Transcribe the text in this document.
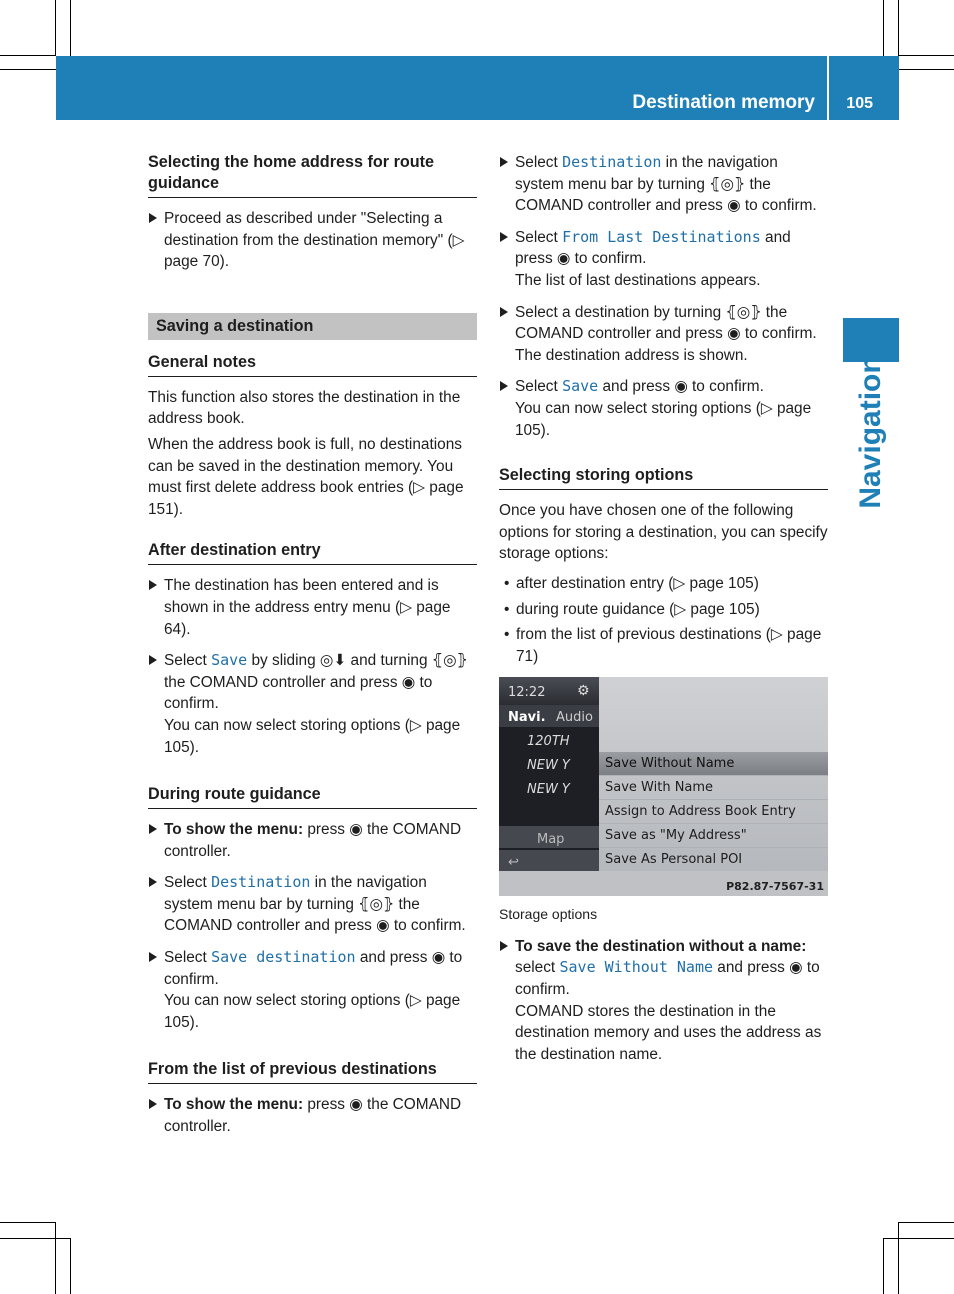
Destination memory 105
Navigation
Selecting the home address for route guidance
Proceed as described under "Selecting a destination from the destination memory" (▷ page 70).
Saving a destination
General notes

This function also stores the destination in the address book.

When the address book is full, no destinations can be saved in the destination memory. You must first delete address book entries (▷ page 151).

After destination entry
The destination has been entered and is shown in the address entry menu (▷ page 64).
Select Save by sliding ◎⬇ and turning ⦃◎⦄ the COMAND controller and press ◉ to confirm.
You can now select storing options (▷ page 105).
During route guidance
To show the menu: press ◉ the COMAND controller.
Select Destination in the navigation system menu bar by turning ⦃◎⦄ the COMAND controller and press ◉ to confirm.
Select Save destination and press ◉ to confirm.
You can now select storing options (▷ page 105).
From the list of previous destinations
To show the menu: press ◉ the COMAND controller.
Select Destination in the navigation system menu bar by turning ⦃◎⦄ the COMAND controller and press ◉ to confirm.
Select From Last Destinations and press ◉ to confirm.
The list of last destinations appears.
Select a destination by turning ⦃◎⦄ the COMAND controller and press ◉ to confirm.
The destination address is shown.
Select Save and press ◉ to confirm.
You can now select storing options (▷ page 105).
Selecting storing options

Once you have chosen one of the following options for storing a destination, you can specify storage options:

• after destination entry (▷ page 105)
• during route guidance (▷ page 105)
• from the list of previous destinations (▷ page 71)
12:22 ⚙
Navi. Audio
120TH
NEW Y
NEW Y
Map
↩
Save Without Name
Save With Name
Assign to Address Book Entry
Save as "My Address"
Save As Personal POI
P82.87-7567-31
Storage options
To save the destination without a name: select Save Without Name and press ◉ to confirm.
COMAND stores the destination in the destination memory and uses the address as the destination name.
